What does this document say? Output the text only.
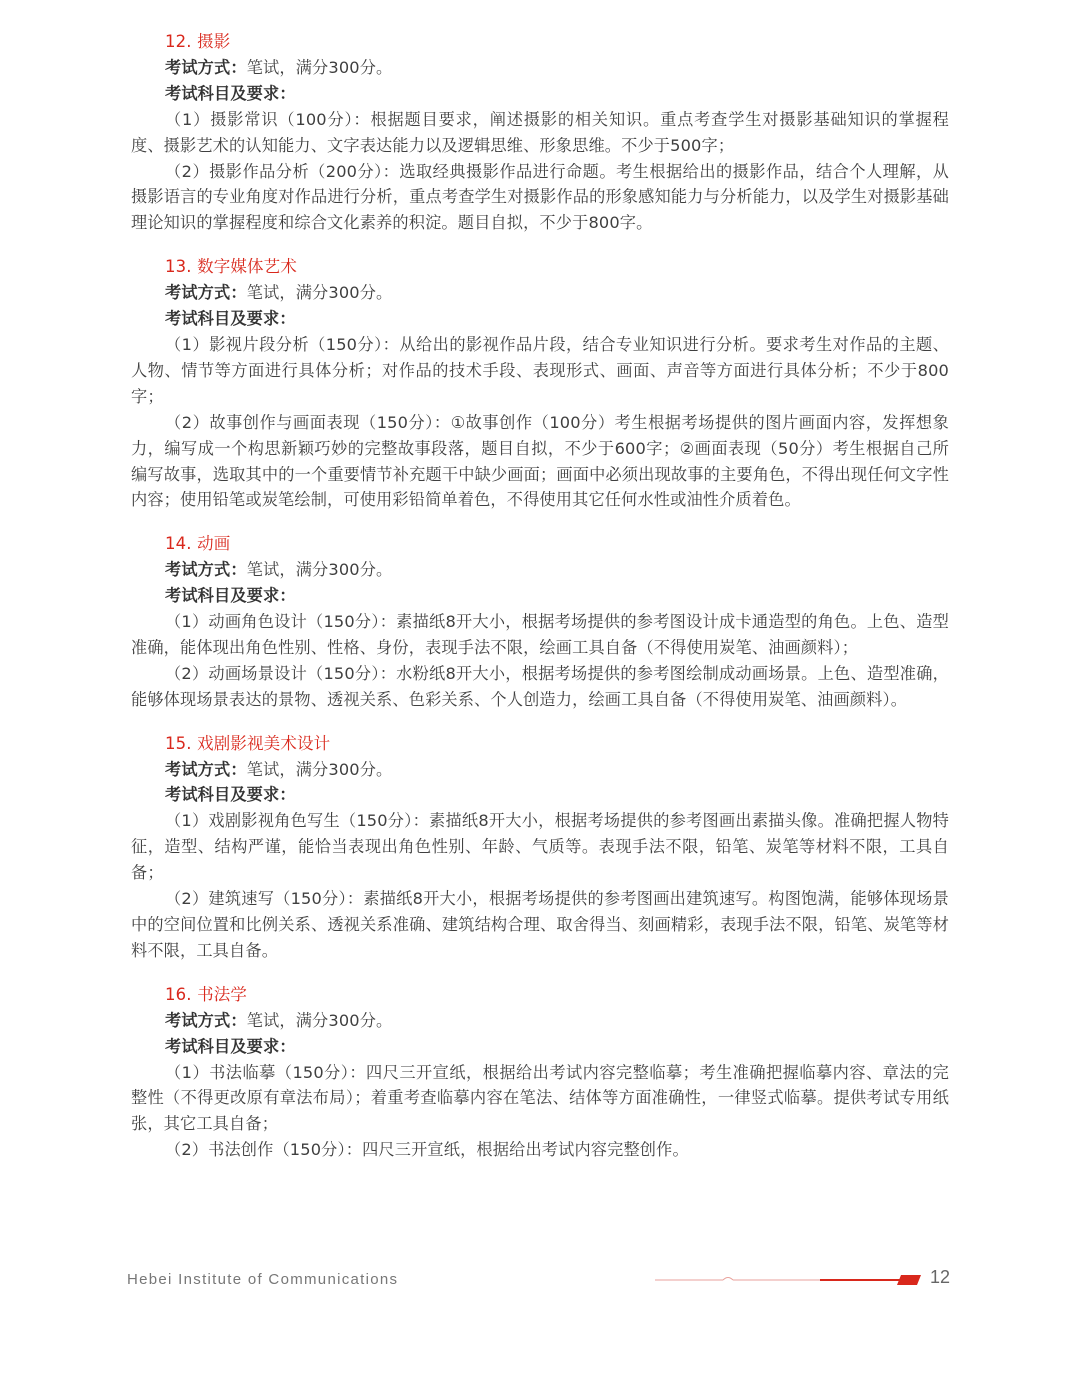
12. 摄影
考试方式：笔试，满分300分。
考试科目及要求：
（1）摄影常识（100分）：根据题目要求，阐述摄影的相关知识。重点考查学生对摄影基础知识的掌握程度、摄影艺术的认知能力、文字表达能力以及逻辑思维、形象思维。不少于500字；
（2）摄影作品分析（200分）：选取经典摄影作品进行命题。考生根据给出的摄影作品，结合个人理解，从摄影语言的专业角度对作品进行分析，重点考查学生对摄影作品的形象感知能力与分析能力，以及学生对摄影基础理论知识的掌握程度和综合文化素养的积淀。题目自拟，不少于800字。
13. 数字媒体艺术
考试方式：笔试，满分300分。
考试科目及要求：
（1）影视片段分析（150分）：从给出的影视作品片段，结合专业知识进行分析。要求考生对作品的主题、人物、情节等方面进行具体分析；对作品的技术手段、表现形式、画面、声音等方面进行具体分析；不少于800字；
（2）故事创作与画面表现（150分）：①故事创作（100分）考生根据考场提供的图片画面内容，发挥想象力，编写成一个构思新颖巧妙的完整故事段落，题目自拟，不少于600字；②画面表现（50分）考生根据自己所编写故事，选取其中的一个重要情节补充题干中缺少画面；画面中必须出现故事的主要角色，不得出现任何文字性内容；使用铅笔或炭笔绘制，可使用彩铅简单着色，不得使用其它任何水性或油性介质着色。
14. 动画
考试方式：笔试，满分300分。
考试科目及要求：
（1）动画角色设计（150分）：素描纸8开大小，根据考场提供的参考图设计成卡通造型的角色。上色、造型准确，能体现出角色性别、性格、身份，表现手法不限，绘画工具自备（不得使用炭笔、油画颜料）；
（2）动画场景设计（150分）：水粉纸8开大小，根据考场提供的参考图绘制成动画场景。上色、造型准确，能够体现场景表达的景物、透视关系、色彩关系、个人创造力，绘画工具自备（不得使用炭笔、油画颜料）。
15. 戏剧影视美术设计
考试方式：笔试，满分300分。
考试科目及要求：
（1）戏剧影视角色写生（150分）：素描纸8开大小，根据考场提供的参考图画出素描头像。准确把握人物特征，造型、结构严谨，能恰当表现出角色性别、年龄、气质等。表现手法不限，铅笔、炭笔等材料不限，工具自备；
（2）建筑速写（150分）：素描纸8开大小，根据考场提供的参考图画出建筑速写。构图饱满，能够体现场景中的空间位置和比例关系、透视关系准确、建筑结构合理、取舍得当、刻画精彩，表现手法不限，铅笔、炭笔等材料不限，工具自备。
16. 书法学
考试方式：笔试，满分300分。
考试科目及要求：
（1）书法临摹（150分）：四尺三开宣纸，根据给出考试内容完整临摹；考生准确把握临摹内容、章法的完整性（不得更改原有章法布局）；着重考查临摹内容在笔法、结体等方面准确性，一律竖式临摹。提供考试专用纸张，其它工具自备；
（2）书法创作（150分）：四尺三开宣纸，根据给出考试内容完整创作。
Hebei Institute of Communications	12
